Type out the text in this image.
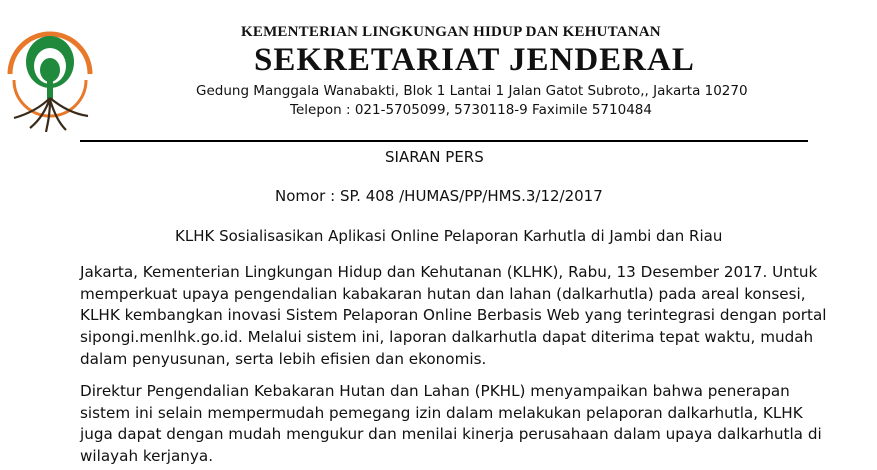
KEMENTERIAN LINGKUNGAN HIDUP DAN KEHUTANAN
SEKRETARIAT JENDERAL
Gedung Manggala Wanabakti, Blok 1 Lantai 1 Jalan Gatot Subroto,, Jakarta 10270
Telepon : 021-5705099, 5730118-9 Faximile 5710484
SIARAN PERS
Nomor : SP. 408 /HUMAS/PP/HMS.3/12/2017
KLHK Sosialisasikan Aplikasi Online Pelaporan Karhutla di Jambi dan Riau
Jakarta, Kementerian Lingkungan Hidup dan Kehutanan (KLHK), Rabu, 13 Desember 2017. Untuk
memperkuat upaya pengendalian kabakaran hutan dan lahan (dalkarhutla) pada areal konsesi,
KLHK kembangkan inovasi Sistem Pelaporan Online Berbasis Web yang terintegrasi dengan portal
sipongi.menlhk.go.id. Melalui sistem ini, laporan dalkarhutla dapat diterima tepat waktu, mudah
dalam penyusunan, serta lebih efisien dan ekonomis.
Direktur Pengendalian Kebakaran Hutan dan Lahan (PKHL) menyampaikan bahwa penerapan
sistem ini selain mempermudah pemegang izin dalam melakukan pelaporan dalkarhutla, KLHK
juga dapat dengan mudah mengukur dan menilai kinerja perusahaan dalam upaya dalkarhutla di
wilayah kerjanya.
